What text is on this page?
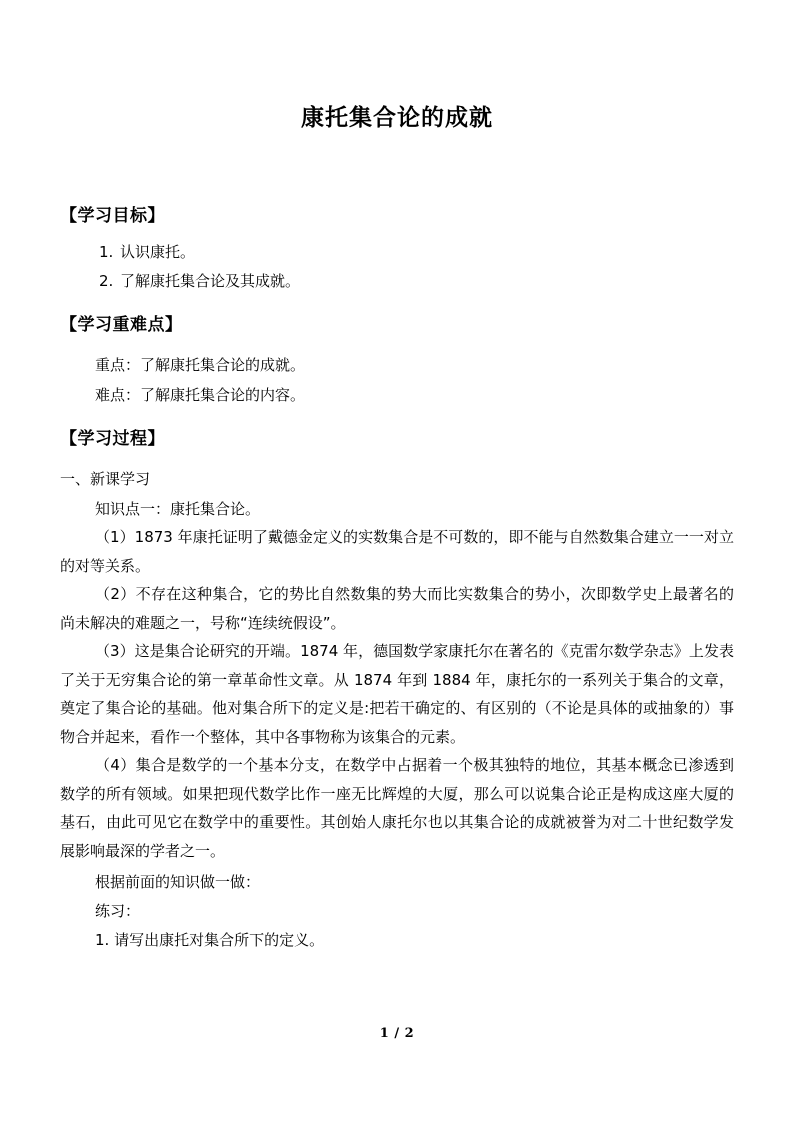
康托集合论的成就
【学习目标】
1. 认识康托。
2. 了解康托集合论及其成就。
【学习重难点】
重点：了解康托集合论的成就。
难点：了解康托集合论的内容。
【学习过程】
一、新课学习
知识点一：康托集合论。

（1）1873 年康托证明了戴德金定义的实数集合是不可数的，即不能与自然数集合建立一一对立的对等关系。

（2）不存在这种集合，它的势比自然数集的势大而比实数集合的势小，次即数学史上最著名的尚未解决的难题之一，号称“连续统假设”。

（3）这是集合论研究的开端。1874 年，德国数学家康托尔在著名的《克雷尔数学杂志》上发表了关于无穷集合论的第一章革命性文章。从 1874 年到 1884 年，康托尔的一系列关于集合的文章，奠定了集合论的基础。他对集合所下的定义是:把若干确定的、有区别的（不论是具体的或抽象的）事物合并起来，看作一个整体，其中各事物称为该集合的元素。

（4）集合是数学的一个基本分支，在数学中占据着一个极其独特的地位，其基本概念已渗透到数学的所有领域。如果把现代数学比作一座无比辉煌的大厦，那么可以说集合论正是构成这座大厦的基石，由此可见它在数学中的重要性。其创始人康托尔也以其集合论的成就被誉为对二十世纪数学发展影响最深的学者之一。

根据前面的知识做一做：
练习：
1. 请写出康托对集合所下的定义。
1 / 2
